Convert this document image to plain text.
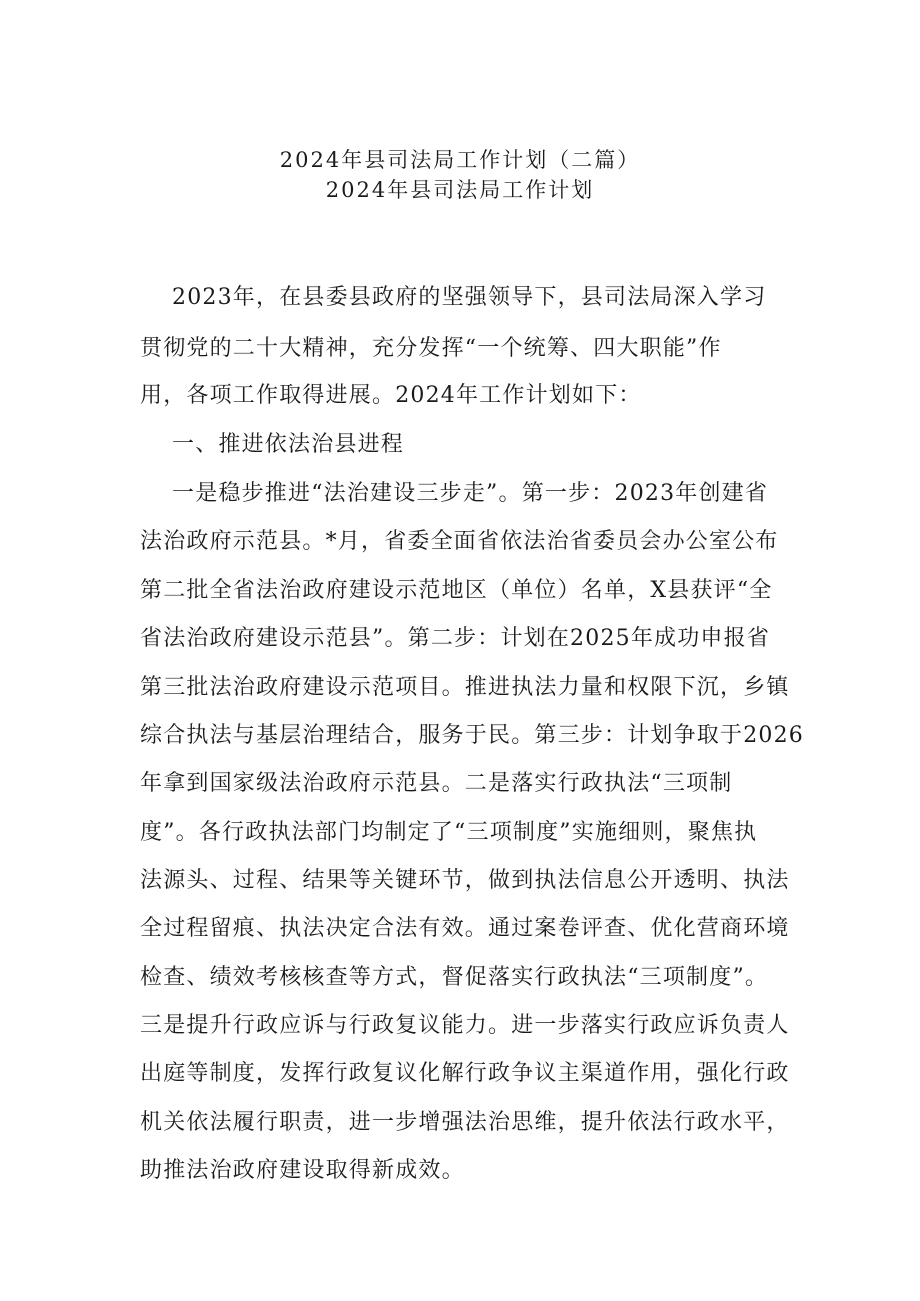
2024年县司法局工作计划（二篇）
2024年县司法局工作计划
2023年，在县委县政府的坚强领导下，县司法局深入学习
贯彻党的二十大精神，充分发挥“一个统筹、四大职能”作
用，各项工作取得进展。2024年工作计划如下：
一、推进依法治县进程
一是稳步推进“法治建设三步走”。第一步：2023年创建省
法治政府示范县。*月，省委全面省依法治省委员会办公室公布
第二批全省法治政府建设示范地区（单位）名单，X县获评“全
省法治政府建设示范县”。第二步：计划在2025年成功申报省
第三批法治政府建设示范项目。推进执法力量和权限下沉，乡镇
综合执法与基层治理结合，服务于民。第三步：计划争取于2026
年拿到国家级法治政府示范县。二是落实行政执法“三项制
度”。各行政执法部门均制定了“三项制度”实施细则，聚焦执
法源头、过程、结果等关键环节，做到执法信息公开透明、执法
全过程留痕、执法决定合法有效。通过案卷评查、优化营商环境
检查、绩效考核核查等方式，督促落实行政执法“三项制度”。
三是提升行政应诉与行政复议能力。进一步落实行政应诉负责人
出庭等制度，发挥行政复议化解行政争议主渠道作用，强化行政
机关依法履行职责，进一步增强法治思维，提升依法行政水平，
助推法治政府建设取得新成效。
